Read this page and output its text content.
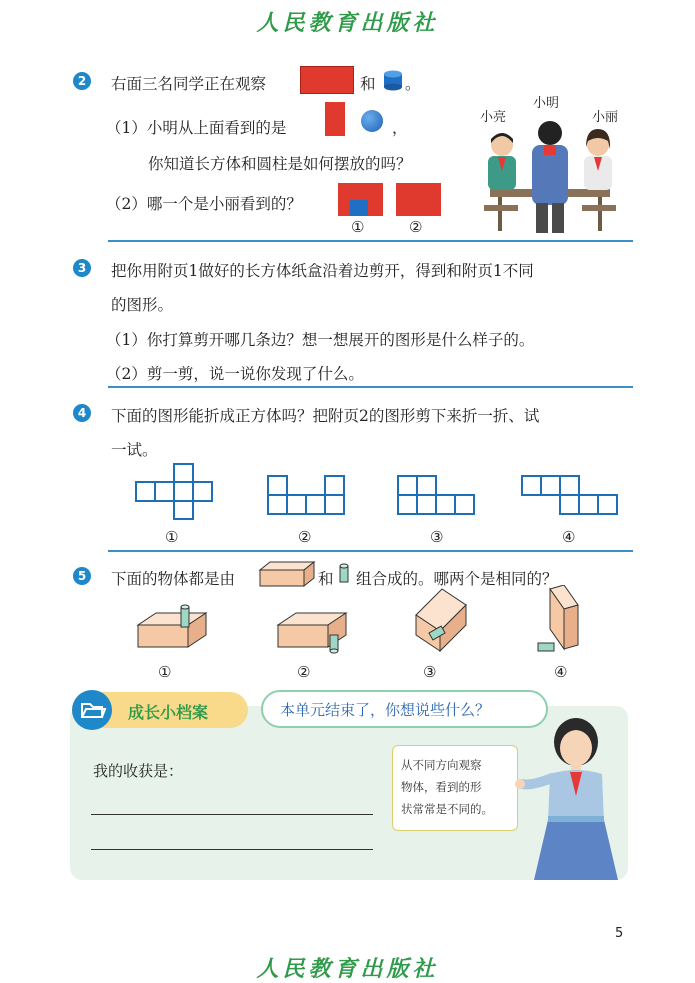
人民教育出版社
2	右面三名同学正在观察	和 。
（1）小明从上面看到的是	，
你知道长方体和圆柱是如何摆放的吗？
（2）哪一个是小丽看到的？
①	②
小亮
小明
小丽
3	把你用附页1做好的长方体纸盒沿着边剪开，得到和附页1不同
的图形。
（1）你打算剪开哪几条边？想一想展开的图形是什么样子的。
（2）剪一剪，说一说你发现了什么。
4	下面的图形能折成正方体吗？把附页2的图形剪下来折一折、试
一试。
①	②	③	④
5	下面的物体都是由	和 组合成的。哪两个是相同的？
①	②	③	④
成长小档案	本单元结束了，你想说些什么？
我的收获是：	从不同方向观察
物体，看到的形
状常常是不同的。
5
人民教育出版社
